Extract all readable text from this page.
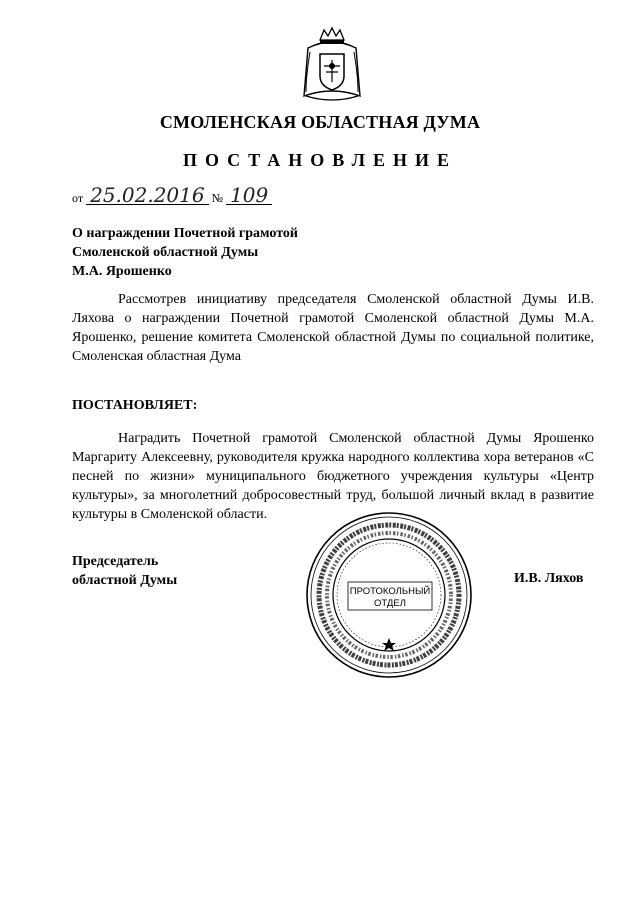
СМОЛЕНСКАЯ ОБЛАСТНАЯ ДУМА
ПОСТАНОВЛЕНИЕ
от 25.02.2016 № 109
О награждении Почетной грамотой
Смоленской областной Думы
М.А. Ярошенко
Рассмотрев инициативу председателя Смоленской областной Думы И.В. Ляхова о награждении Почетной грамотой Смоленской областной Думы М.А. Ярошенко, решение комитета Смоленской областной Думы по социальной политике, Смоленская областная Дума
ПОСТАНОВЛЯЕТ:
Наградить Почетной грамотой Смоленской областной Думы Ярошенко Маргариту Алексеевну, руководителя кружка народного коллектива хора ветеранов «С песней по жизни» муниципального бюджетного учреждения культуры «Центр культуры», за многолетний добросовестный труд, большой личный вклад в развитие культуры в Смоленской области.
Председатель
областной Думы	И.В. Ляхов
ПРОТОКОЛЬНЫЙ
ОТДЕЛ
